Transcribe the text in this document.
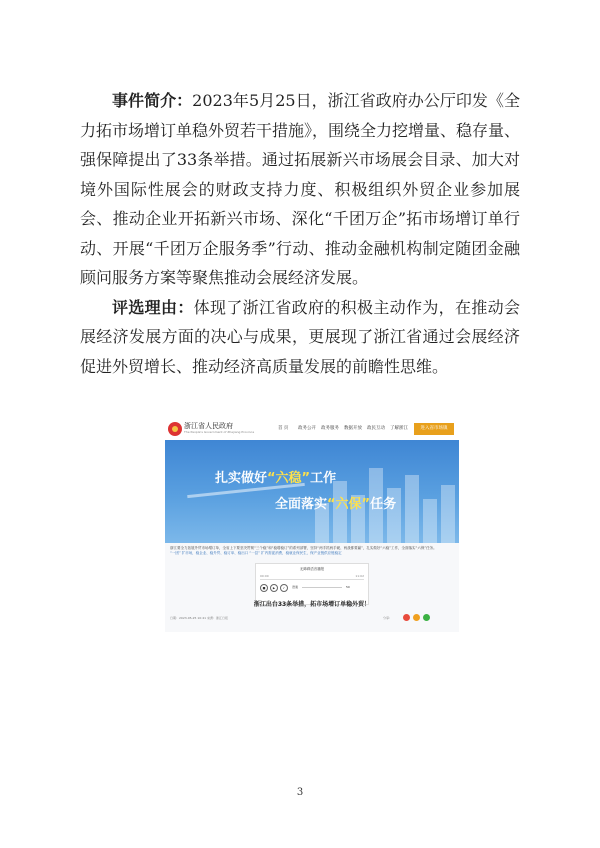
事件简介：2023年5月25日，浙江省政府办公厅印发《全力拓市场增订单稳外贸若干措施》，围绕全力挖增量、稳存量、强保障提出了33条举措。通过拓展新兴市场展会目录、加大对境外国际性展会的财政支持力度、积极组织外贸企业参加展会、推动企业开拓新兴市场、深化“千团万企”拓市场增订单行动、开展“千团万企服务季”行动、推动金融机构制定随团金融顾问服务方案等聚焦推动会展经济发展。

评选理由：体现了浙江省政府的积极主动作为，在推动会展经济发展方面的决心与成果，更展现了浙江省通过会展经济促进外贸增长、推动经济高质量发展的前瞻性思维。

浙江省人民政府
The People's Government of Zhejiang Province
首 页 政务公开 政务服务 数据开放 政民互动 了解浙江	进入省市场镇
扎实做好“六稳”工作
全面落实“六保”任务
浙江要全力拓展外贸市场增订单，全省上下要坚决贯彻“三个稳”和“稳增稳订”的系列部署，坚持“两手抓两手硬、两战都要赢”，扎实做好“六稳”工作，全面落实“六保”任务。
“一团” 扩市场，稳企业、稳外贸、稳订单、稳出口 “一县” 扩内需促消费，稳就业保民生，保产业链供应链稳定
无障碍语音播报
00:00	11:02
■	▶	♪	语速	50
浙江出台33条举措，拓市场增订单稳外贸！
日期：2023-05-25 10:41 来源：浙江日报	分享：
3
